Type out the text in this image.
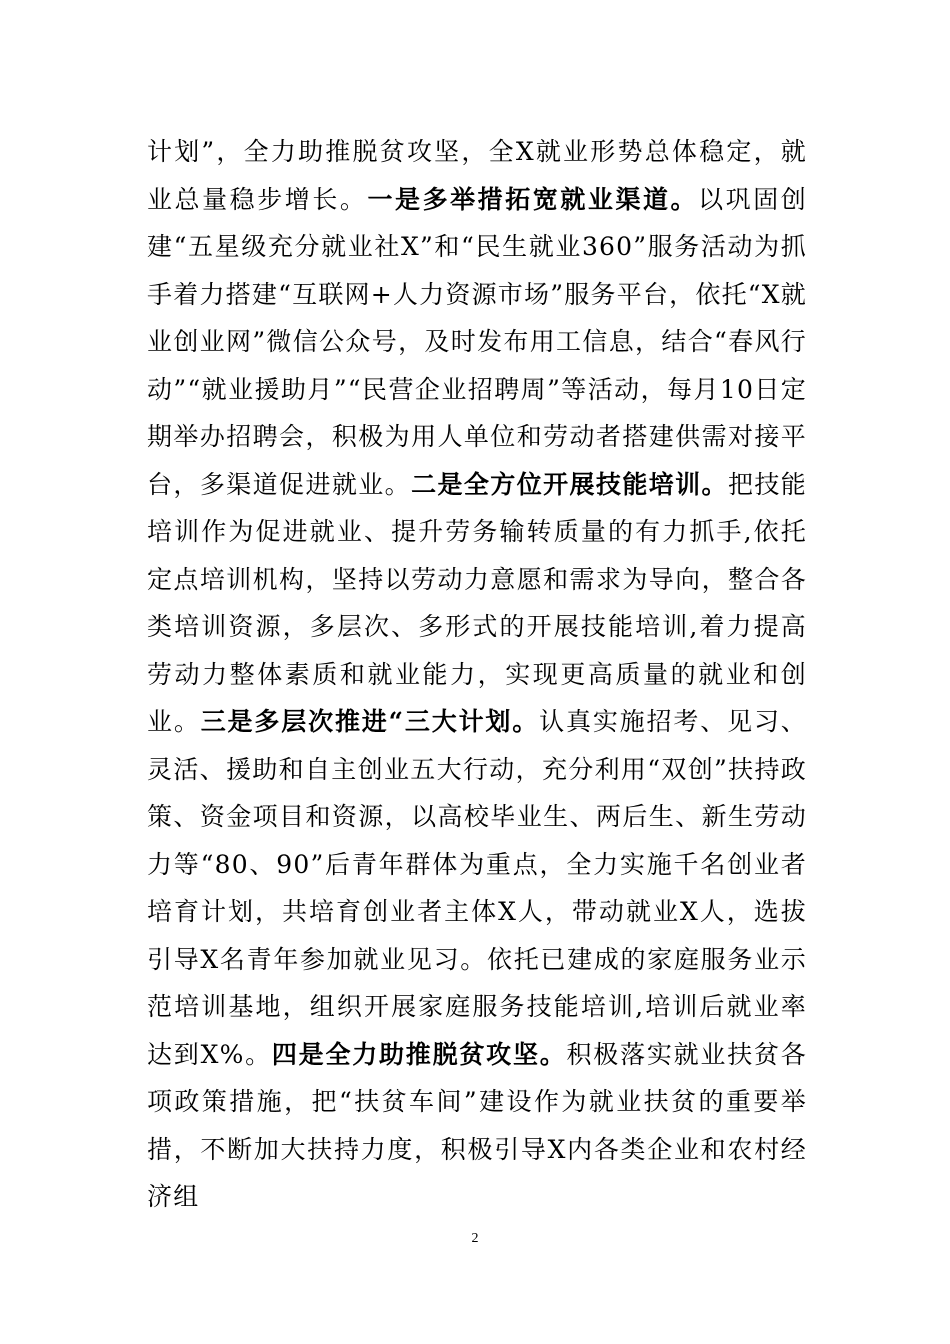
计划”，全力助推脱贫攻坚，全X就业形势总体稳定，就业总量稳步增长。一是多举措拓宽就业渠道。以巩固创建“五星级充分就业社X”和“民生就业360”服务活动为抓手着力搭建“互联网+人力资源市场”服务平台，依托“X就业创业网”微信公众号，及时发布用工信息，结合“春风行动”“就业援助月”“民营企业招聘周”等活动，每月10日定期举办招聘会，积极为用人单位和劳动者搭建供需对接平台，多渠道促进就业。二是全方位开展技能培训。把技能培训作为促进就业、提升劳务输转质量的有力抓手,依托定点培训机构，坚持以劳动力意愿和需求为导向，整合各类培训资源，多层次、多形式的开展技能培训,着力提高劳动力整体素质和就业能力，实现更高质量的就业和创业。三是多层次推进“三大计划。认真实施招考、见习、灵活、援助和自主创业五大行动，充分利用“双创”扶持政策、资金项目和资源，以高校毕业生、两后生、新生劳动力等“80、90”后青年群体为重点，全力实施千名创业者培育计划，共培育创业者主体X人，带动就业X人，选拔引导X名青年参加就业见习。依托已建成的家庭服务业示范培训基地，组织开展家庭服务技能培训,培训后就业率达到X%。四是全力助推脱贫攻坚。积极落实就业扶贫各项政策措施，把“扶贫车间”建设作为就业扶贫的重要举措，不断加大扶持力度，积极引导X内各类企业和农村经济组

2
